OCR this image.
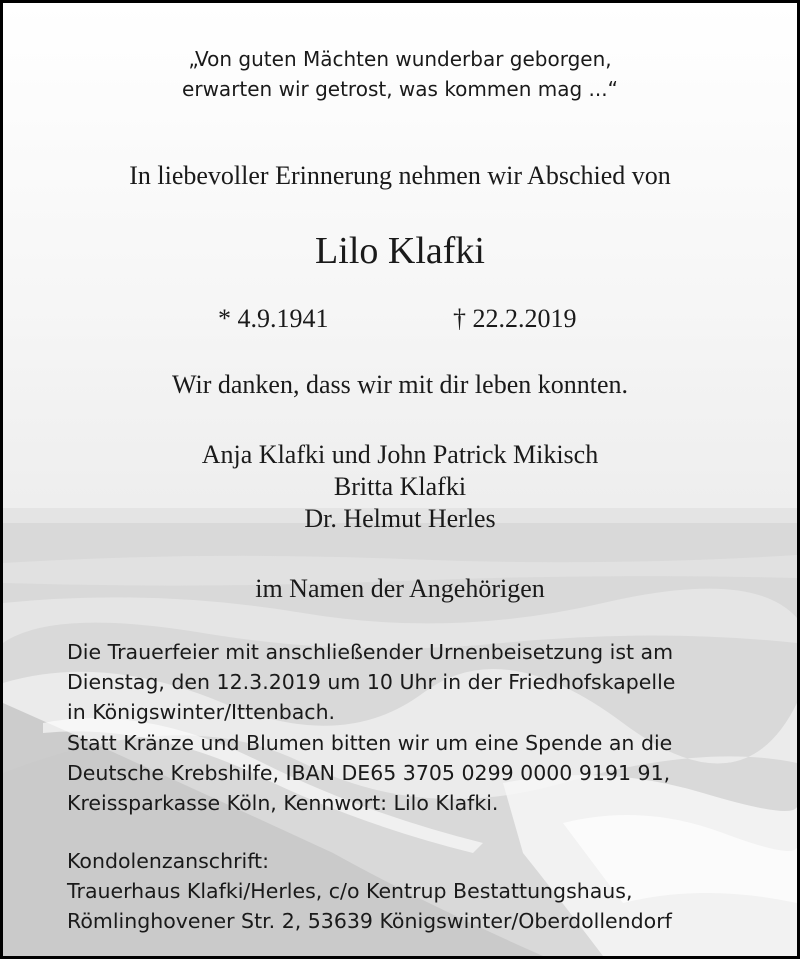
„Von guten Mächten wunderbar geborgen,
erwarten wir getrost, was kommen mag ...“
In liebevoller Erinnerung nehmen wir Abschied von
Lilo Klafki
* 4.9.1941	† 22.2.2019
Wir danken, dass wir mit dir leben konnten.
Anja Klafki und John Patrick Mikisch
Britta Klafki
Dr. Helmut Herles
im Namen der Angehörigen
Die Trauerfeier mit anschließender Urnenbeisetzung ist am
Dienstag, den 12.3.2019 um 10 Uhr in der Friedhofskapelle
in Königswinter/Ittenbach.
Statt Kränze und Blumen bitten wir um eine Spende an die
Deutsche Krebshilfe, IBAN DE65 3705 0299 0000 9191 91,
Kreissparkasse Köln, Kennwort: Lilo Klafki.
Kondolenzanschrift:
Trauerhaus Klafki/Herles, c/o Kentrup Bestattungshaus,
Römlinghovener Str. 2, 53639 Königswinter/Oberdollendorf
